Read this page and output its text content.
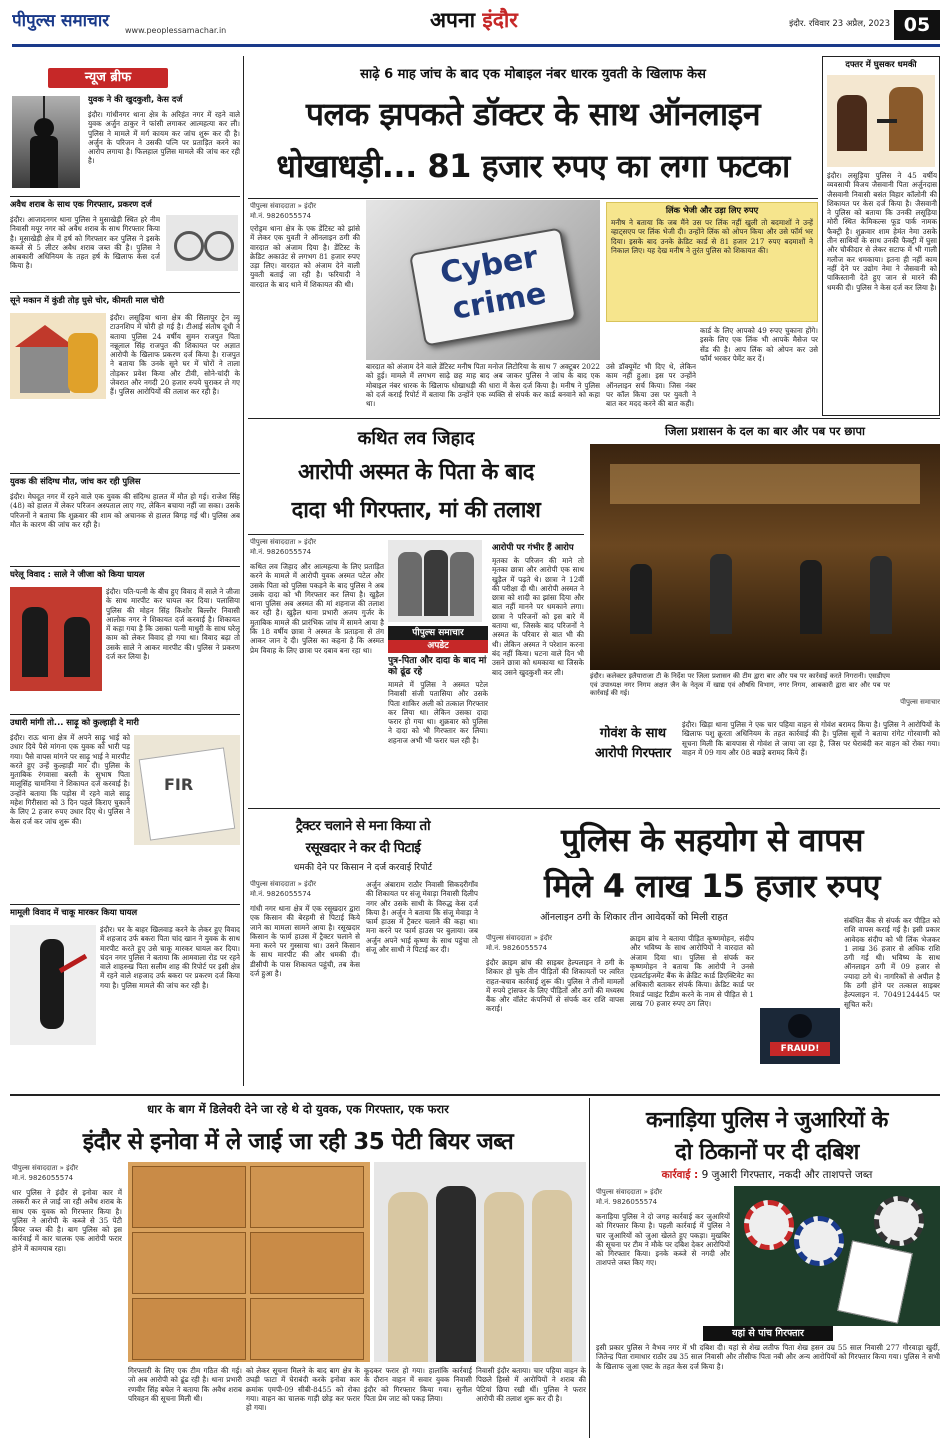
पीपुल्स समाचार	www.peoplessamachar.in	अपना इंदौर	इंदौर. रविवार 23 अप्रैल, 2023 05
न्यूज ब्रीफ
युवक ने की खुदकुशी, केस दर्ज
इंदौर। गांधीनगर थाना क्षेत्र के अरिहंत नगर में रहने वाले युवक अर्जुन ठाकुर ने फांसी लगाकर आत्महत्या कर ली। पुलिस ने मामले में मर्ग कायम कर जांच शुरू कर दी है। अर्जुन के परिजन ने उसकी पत्नि पर प्रताड़ित करने का आरोप लगाया है। फिलहाल पुलिस मामले की जांच कर रही है।
अवैध शराब के साथ एक गिरफ्तार, प्रकरण दर्ज
इंदौर। आजादनगर थाना पुलिस ने मुसाखेड़ी स्थित हरे नीम निवासी मयूर नगर को अवैध शराब के साथ गिरफ्तार किया है। मूसाखेड़ी क्षेत्र में हर्ष को गिरफ्तार कर पुलिस ने इसके कब्जे से 5 लीटर अवैध शराब जब्त की है। पुलिस ने आबकारी अधिनियम के तहत हर्ष के खिलाफ केस दर्ज किया है।
सूने मकान में कुंडी तोड़ घुसे चोर, कीमती माल चोरी
इंदौर। लसूड़िया थाना क्षेत्र की सिलापुर ट्रेन व्यू टाउनशिप में चोरी हो गई है। टीआई संतोष दूधी ने बताया पुलिस 24 वर्षीय सुमन राजपुत पिता नन्नूलाल सिंह राजपुत की शिकायत पर अज्ञात आरोपी के खिलाफ प्रकरण दर्ज किया है। राजपुत ने बताया कि उनके सूने घर में चोरों ने ताला तोड़कर प्रवेश किया और टीवी, सोने-चांदी के जेवरात और नगदी 20 हजार रुपये चुराकर ले गए हैं। पुलिस आरोपियों की तलाश कर रही है।
युवक की संदिग्ध मौत, जांच कर रही पुलिस
इंदौर। मेघदूत नगर में रहने वाले एक युवक की संदिग्ध हालत में मौत हो गई। राजेश सिंह (48) को हालत में लेकर परिजन अस्पताल लाए गए, लेकिन बचाया नहीं जा सका। उसके परिजनों ने बताया कि शुक्रवार की शाम को अचानक से हालत बिगड़ गई थी। पुलिस अब मौत के कारण की जांच कर रही है।
घरेलू विवाद : साले ने जीजा को किया घायल
इंदौर। पति-पत्नी के बीच हुए विवाद में साले ने जीजा के साथ मारपीट कर घायल कर दिया। पलासिया पुलिस की मोहन सिंह किशोर बिल्लौर निवासी आलोक नगर ने शिकायत दर्ज करवाई है। शिकायत में कहा गया है कि उसका पत्नी माधुरी के साथ घरेलू काम को लेकर विवाद हो गया था। विवाद बढ़ा तो उसके साले ने आकर मारपीट की। पुलिस ने प्रकरण दर्ज कर लिया है।
उधारी मांगी तो... साढ़ू को कुल्हाड़ी दे मारी
इंदौर। राऊ थाना क्षेत्र में अपने साढ़ू भाई को उधार दिये पैसे मांगना एक युवक को भारी पड़ गया। पैसे वापस मांगने पर साढ़ू भाई ने मारपीट करते हुए उन्हें कुल्हाड़ी मार दी। पुलिस के मुताबिक रंगवासा बस्ती के सुभाष पिता मालूसिंह चामनिया ने शिकायत दर्ज करवाई है। उन्होंने बताया कि पड़ोस में रहने वाले साढ़ू महेश गिरीसारा को 3 दिन पहले किराए चुकाने के लिए 2 हजार रुपए उधार दिए थे। पुलिस ने केस दर्ज कर जांच शुरू की।
FIR
मामूली विवाद में चाकू मारकर किया घायल
इंदौर। घर के बाहर खिलवाड़ करने के लेकर हुए विवाद में शहजाद उर्फ बकरा पिता चांद खान ने युवक के साथ मारपीट करते हुए उसे चाकू मारकर घायल कर दिया। चंदन नगर पुलिस ने बताया कि आमवाला रोड पर रहने वाले शाहरुख पिता सलीम शाह की रिपोर्ट पर इसी क्षेत्र में रहने वाले शहजाद उर्फ बकरा पर प्रकरण दर्ज किया गया है। पुलिस मामले की जांच कर रही है।
साढ़े 6 माह जांच के बाद एक मोबाइल नंबर धारक युवती के खिलाफ केस
पलक झपकते डॉक्टर के साथ ऑनलाइन
धोखाधड़ी... 81 हजार रुपए का लगा फटका
पीपुल्स संवाददाता » इंदौर
मो.नं. 9826055574
एरोड्रम थाना क्षेत्र के एक डेंटिस्ट को झांसे में लेकर एक युवती ने ऑनलाइन ठगी की वारदात को अंजाम दिया है। डेंटिस्ट के क्रेडिट अकाउंट से लगभग 81 हजार रुपए उड़ा लिए। वारदात को अंजाम देने वाली युवती बताई जा रही है। फरियादी ने वारदात के बाद थाने में शिकायत की थी।	Cyber
crime
बारदात को अंजाम देने वाले डेंटिस्ट मनीष पिता मनोज लिटोरिया के साथ 7 अक्टूबर 2022 को हुई। मामले में लगभग साढ़े छह माह बाद अब जाकर पुलिस ने जांच के बाद एक मोबाइल नंबर धारक के खिलाफ धोखाधड़ी की धारा में केस दर्ज किया है। मनीष ने पुलिस को दर्ज कराई रिपोर्ट में बताया कि उन्होंने एक व्यक्ति से संपर्क कर कार्ड बनवाने को कहा था।
उसे डॉक्यूमेंट भी दिए थे, लेकिन काम नहीं हुआ। इस पर उन्होंने ऑनलाइन सर्च किया। जिस नंबर पर कॉल किया उस पर युवती ने बात कर मदद करने की बात कही।
लिंक भेजी और उड़ा लिए रुपए
मनीष ने बताया कि जब मैंने उस पर लिंक नहीं खुली तो बदमाशों ने उन्हें व्हाट्सएप पर लिंक भेजी दी। उन्होंने लिंक को ओपन किया और उसे फॉर्म भर दिया। इसके बाद उनके क्रेडिट कार्ड से 81 हजार 217 रुपए बदमाशों ने निकाल लिए। यह देख मनीष ने तुरंत पुलिस को शिकायत की।
कार्ड के लिए आपको 49 रुपए चुकाना होंगे। इसके लिए एक लिंक भी आपके मैसेज पर सेंड की है। आप लिंक को ओपन कर उसे फॉर्म भरकर पेमेंट कर दें।
दफ्तर में घुसकर धमकी
इंदौर। लसूड़िया पुलिस ने 45 वर्षीय व्यवसायी विजय जैसवानी पिता अर्जुनदास जैसवानी निवासी बसंत विहार कॉलोनी की शिकायत पर केस दर्ज किया है। जैसवानी ने पुलिस को बताया कि उनकी लसूड़िया मोरी स्थित केमिकल्स फूड पार्क नामक फैक्ट्री है। शुक्रवार शाम हेमंत नेमा उसके तीन साथियों के साथ उनकी फैक्ट्री में घुसा और चौकीदार से लेकर सटाफ में भी गाली गलौज कर धमकाया। इतना ही नहीं काम नहीं देने पर उद्योग नेमा ने जैसवानी को पाकिस्तानी देते हुए जान से मारने की धमकी दी। पुलिस ने केस दर्ज कर लिया है।
कथित लव जिहाद
आरोपी अस्मत के पिता के बाद
दादा भी गिरफ्तार, मां की तलाश
पीपुल्स संवाददाता » इंदौर
मो.नं. 9826055574
कथित लव जिहाद और आत्महत्या के लिए प्रताड़ित करने के मामले में आरोपी युवक अस्मत पटेल और उसके पिता को पुलिस पकड़ने के बाद पुलिस ने अब उसके दादा को भी गिरफ्तार कर लिया है। खुड़ैल थाना पुलिस अब अस्मत की मां शहनाज की तलाश कर रही है। खुड़ैल थाना प्रभारी अजय गुर्जर के मुताबिक मामले की प्रारंभिक जांच में सामने आया है कि 18 वर्षीय छात्रा ने अस्मत के प्रताड़ना से तंग आकर जान दे दी। पुलिस का कहना है कि अस्मत प्रेम विवाह के लिए छात्रा पर दबाव बना रहा था।
पीपुल्स समाचार
अपडेट
पुत्र-पिता और दादा के बाद मां को ढूंढ रहे
मामले में पुलिस ने अस्मत पटेल निवासी संजी पतासिया और उसके पिता शाकिर अली को तत्काल गिरफ्तार कर लिया था। लेकिन उसका दादा फरार हो गया था। शुक्रवार को पुलिस ने दादा को भी गिरफ्तार कर लिया। शहनाज अभी भी फरार चल रही है।
आरोपी पर गंभीर हैं आरोप
मृतका के परिजन की माने तो मृतका छात्रा और आरोपी एक साथ खुड़ैल में पढ़ते थे। छात्रा ने 12वीं की परीक्षा दी थी। आरोपी अस्मत ने छात्रा को शादी का झांसा दिया और बात नहीं मानने पर धमकाने लगा। छात्रा ने परिजनों को इस बारे में बताया था, जिसके बाद परिजनों ने अस्मत के परिवार से बात भी की थी। लेकिन अस्मत ने परेशान करना बंद नहीं किया। घटना वाले दिन भी उसने छात्रा को धमकाया था जिसके बाद उसने खुदकुशी कर ली।
जिला प्रशासन के दल का बार और पब पर छापा
इंदौर। कलेक्टर इलैयाराजा टी के निर्देश पर जिला प्रशासन की टीम द्वारा बार और पब पर कार्रवाई करते निगरानी। एसडीएम एवं उपाध्यक्ष नगर निगम अक्षत जैन के नेतृत्व में खाद्य एवं औषधि विभाग, नगर निगम, आबकारी द्वारा बार और पब पर कार्रवाई की गई।
पीपुल्स समाचार
गोवंश के साथ आरोपी गिरफ्तार
इंदौर। खिड़ा थाना पुलिस ने एक चार पहिया वाहन से गोवंश बरामद किया है। पुलिस ने आरोपियों के खिलाफ पशु क्रूरता अधिनियम के तहत कार्रवाई की है। पुलिस सूत्रों ने बताया रांगेट गोरवाणी को सूचना मिली कि बायपास से गोवंश ले जाया जा रहा है, जिस पर घेराबंदी कर वाहन को रोका गया। वाहन में 09 गाय और 08 बछड़े बरामद किये हैं।
ट्रैक्टर चलाने से मना किया तो
रसूखदार ने कर दी पिटाई
धमकी देने पर किसान ने दर्ज करवाई रिपोर्ट
पीपुल्स संवाददाता » इंदौर
मो.नं. 9826055574
गांधी नगर थाना क्षेत्र में एक रसूखदार द्वारा एक किसान की बेरहमी से पिटाई किये जाने का मामला सामने आया है। रसूखदार किसान के फार्म हाउस में ट्रैक्टर चलाने से मना करने पर गुस्साया था। उसने किसान के साथ मारपीट की और धमकी दी। डीसीपी के पास शिकायत पहुंची, तब केस दर्ज हुआ है।
अर्जुन अंबाराम राठौर निवासी सिकदरीगाँव की शिकायत पर संजू मेवाड़ा निवासी दिलीप नगर और उसके साथी के विरुद्ध केस दर्ज किया है। अर्जुन ने बताया कि संजू मेवाड़ा ने फार्म हाउस में ट्रैक्टर चलाने की कहा था। मना करने पर फार्म हाउस पर बुलाया। जब अर्जुन अपने भाई कृष्णा के साथ पहुंचा तो संजू और साथी ने पिटाई कर दी।
पुलिस के सहयोग से वापस
मिले 4 लाख 15 हजार रुपए
ऑनलाइन ठगी के शिकार तीन आवेदकों को मिली राहत
पीपुल्स संवाददाता » इंदौर
मो.नं. 9826055574
इंदौर क्राइम ब्रांच की साइबर हेल्पलाइन ने ठगी के शिकार हो चुके तीन पीड़ितों की शिकायतों पर त्वरित राहत-बचाव कार्रवाई शुरू की। पुलिस ने तीनों मामलों में रुपये ट्रांसफर के लिए पीड़ितों और ठगों की मध्यस्थ बैंक और वॉलेट कंपनियों से संपर्क कर राशि वापस कराई।
क्राइम ब्रांच ने बताया पीड़ित कृष्णमोहन, संदीप और भविष्य के साथ आरोपियों ने वारदात को अंजाम दिया था। पुलिस से संपर्क कर कृष्णमोहन ने बताया कि आरोपी ने उनसे एडवर्टाइजमेंट बैंक के क्रेडिट कार्ड डिएक्टिवेट का अधिकारी बताकर संपर्क किया। क्रेडिट कार्ड पर रिवार्ड प्वाइंट रिडीम करने के नाम से पीड़ित से 1 लाख 70 हजार रुपए ठग लिए।
FRAUD!
संबंधित बैंक से संपर्क कर पीड़ित को राशि वापस कराई गई है। इसी प्रकार आवेदक संदीप को भी लिंक भेजकर 1 लाख 36 हजार से अधिक राशि ठगी गई थी। भविष्य के साथ ऑनलाइन ठगी में 09 हजार से ज्यादा ठगे थे। नागरिकों से अपील है कि ठगी होने पर तत्काल साइबर हेल्पलाइन नं. 7049124445 पर सूचित करें।
धार के बाग में डिलेवरी देने जा रहे थे दो युवक, एक गिरफ्तार, एक फरार
इंदौर से इनोवा में ले जाई जा रही 35 पेटी बियर जब्त
पीपुल्स संवाददाता » इंदौर
मो.नं. 9826055574
धार पुलिस ने इंदौर से इनोवा कार में तस्करी कर ले जाई जा रही अवैध शराब के साथ एक युवक को गिरफ्तार किया है। पुलिस ने आरोपी के कब्जे से 35 पेटी बियर जब्त की है। बाग पुलिस को इस कार्रवाई में कार चालक एक आरोपी फरार होने में कामयाब रहा।
गिरफ्तारी के लिए एक टीम गठित की गई। जो अब आरोपी को ढूंढ रही है। थाना प्रभारी रणवीर सिंह बघेल ने बताया कि अवैध शराब परिवहन की सूचना मिली थी।
को लेकर सूचना मिलने के बाद बाग क्षेत्र के उघड़ी फाटा में घेराबंदी करके इनोवा कार क्रमांक एमपी-09 सीबी-8455 को रोका गया। वाहन का चालक गाड़ी छोड़ कर फरार हो गया।
कूदकर फरार हो गया। हालांकि कार्रवाई के दौरान वाहन में सवार युवक निवासी इंदौर को गिरफ्तार किया गया। सुनील पिता प्रेम जाट को पकड़ लिया।
निवासी इंदौर बताया। चार पहिया वाहन के पिछले हिस्से में आरोपियों ने शराब की पेटियां छिपा रखी थीं। पुलिस ने फरार आरोपी की तलाश शुरू कर दी है।
कनाड़िया पुलिस ने जुआरियों के
दो ठिकानों पर दी दबिश
कार्रवाई : 9 जुआरी गिरफ्तार, नकदी और ताशपत्ते जब्त
पीपुल्स संवाददाता » इंदौर
मो.नं. 9826055574
कनाड़िया पुलिस ने दो जगह कार्रवाई कर जुआरियों को गिरफ्तार किया है। पहली कार्रवाई में पुलिस ने चार जुआरियों को जुआ खेलते हुए पकड़ा। मुखबिर की सूचना पर टीम ने मौके पर दबिश देकर आरोपियों को गिरफ्तार किया। इनके कब्जे से नगदी और ताशपत्ते जब्त किए गए।
यहां से पांच गिरफ्तार
इसी प्रकार पुलिस ने वैभव नगर में भी दबिश दी। यहां से शेख लतीफ पिता शेख हसन उम्र 55 साल निवासी 277 गौरवाड़ा खुर्दी, जितेन्द्र पिता रामाधार राठौर उम्र 35 साल निवासी और तौसीफ पिता नबी और अन्य आरोपियों को गिरफ्तार किया गया। पुलिस ने सभी के खिलाफ जुआ एक्ट के तहत केस दर्ज किया है।
